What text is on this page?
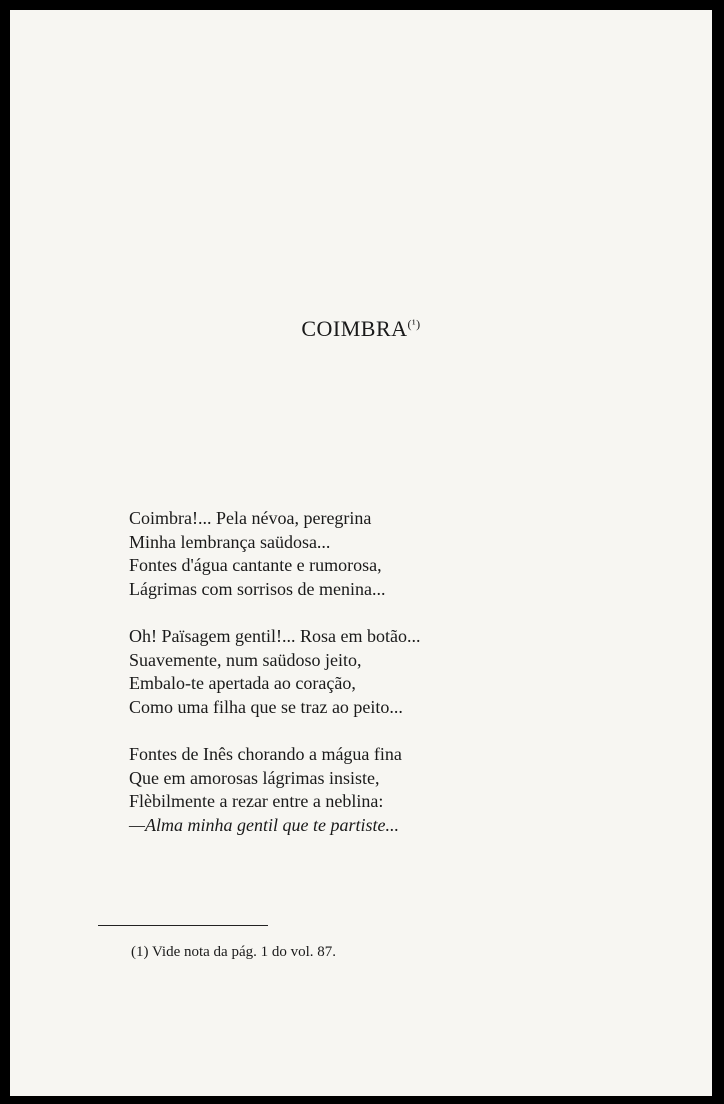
$COIMBRA^{(^1)}$
Coimbra!... Pela névoa, peregrina
Minha lembrança saüdosa...
Fontes d'água cantante e rumorosa,
Lágrimas com sorrisos de menina...
Oh! Païsagem gentil!... Rosa em botão...
Suavemente, num saüdoso jeito,
Embalo-te apertada ao coração,
Como uma filha que se traz ao peito...
Fontes de Inês chorando a mágua fina
Que em amorosas lágrimas insiste,
Flèbilmente a rezar entre a neblina:
—Alma minha gentil que te partiste...
(1) Vide nota da pág. 1 do vol. 87.
